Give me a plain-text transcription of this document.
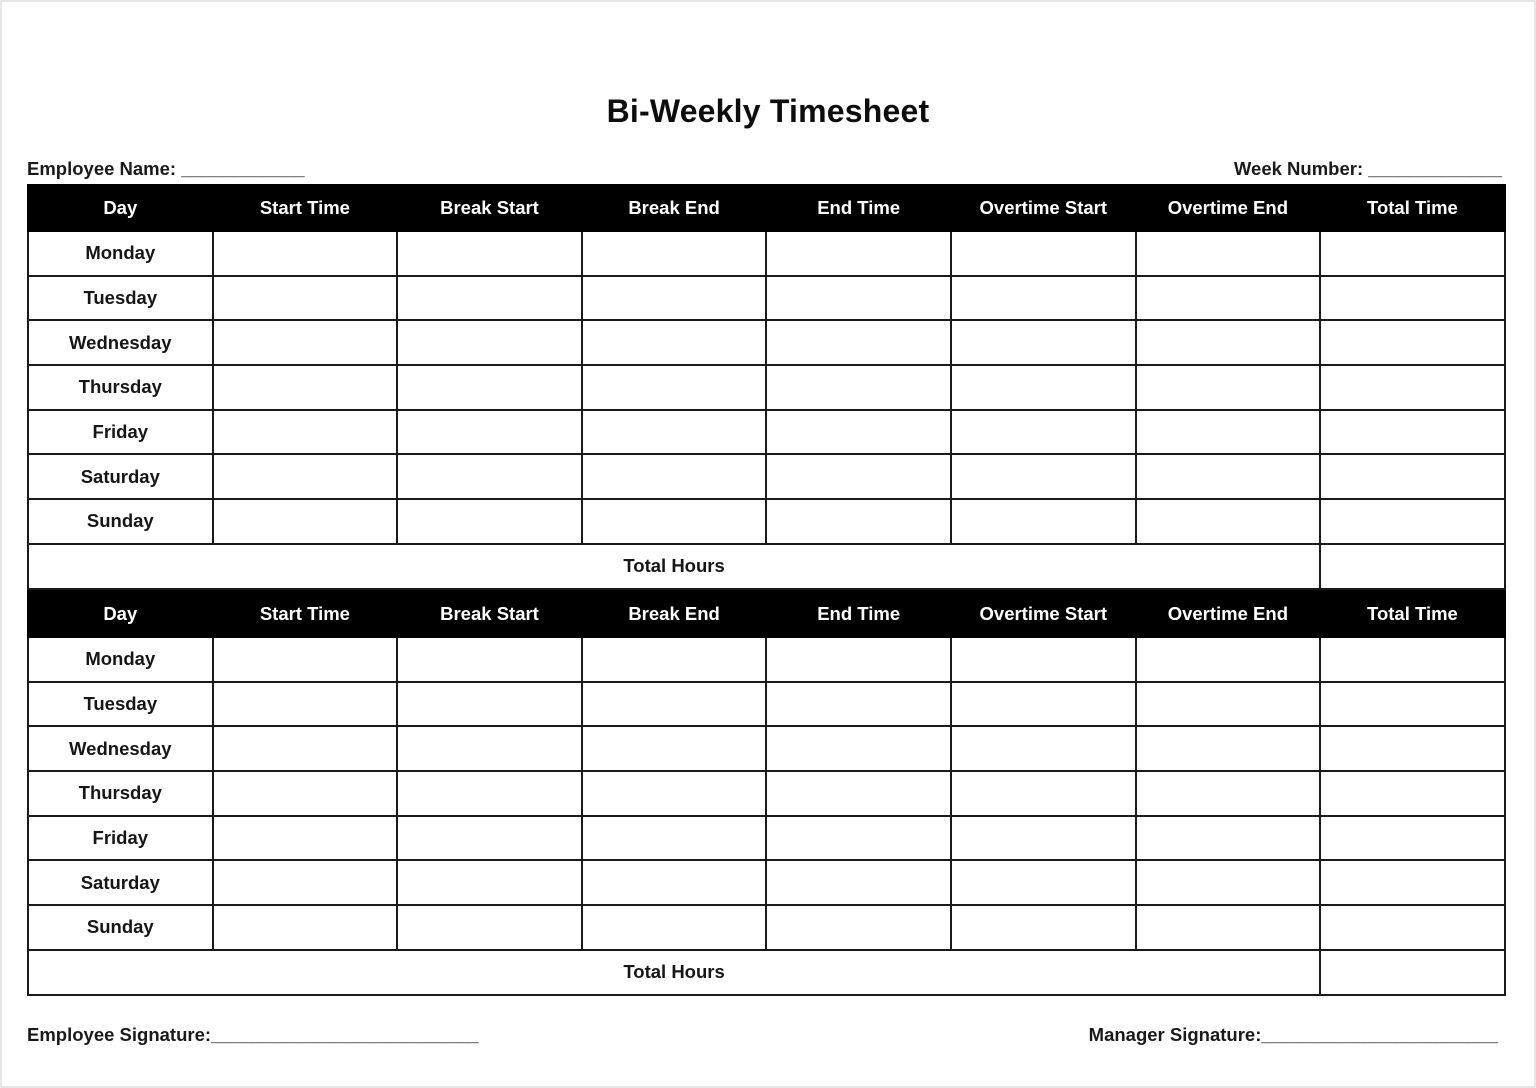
Bi-Weekly Timesheet
Employee Name: ____________	Week Number: _____________
Day	Start Time	Break Start	Break End	End Time	Overtime Start	Overtime End	Total Time
Monday							
Tuesday							
Wednesday							
Thursday							
Friday							
Saturday							
Sunday							
Total Hours							
Day	Start Time	Break Start	Break End	End Time	Overtime Start	Overtime End	Total Time
Monday							
Tuesday							
Wednesday							
Thursday							
Friday							
Saturday							
Sunday							
Total Hours							
Employee Signature:__________________________	Manager Signature:_______________________
